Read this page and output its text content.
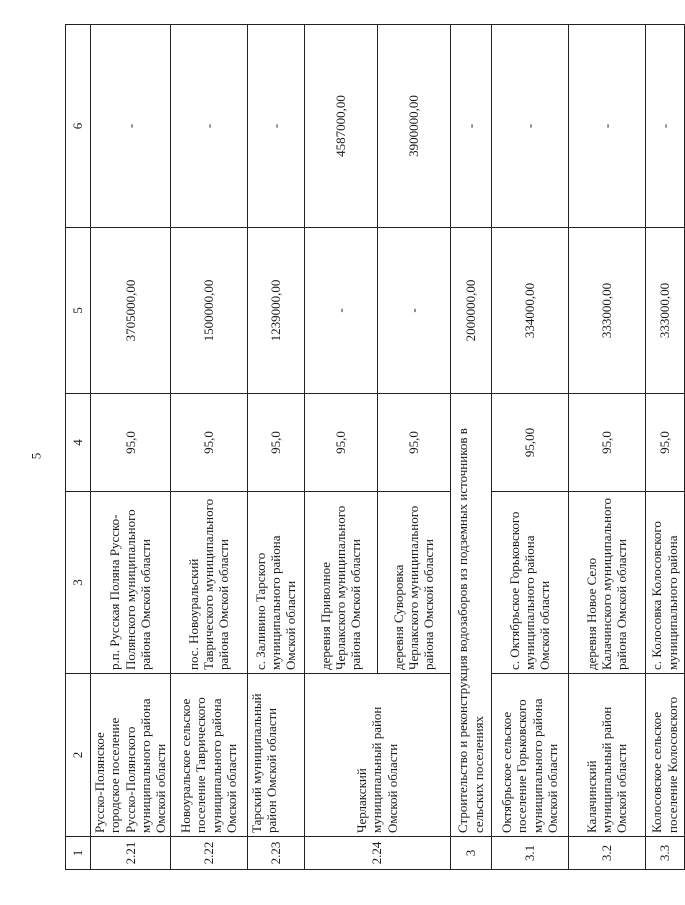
5
1	2	3	4	5	6
2.21	Русско-Полянское городское поселение Русско-Полянского муниципального района Омской области	р.п. Русская Поляна Русско-Полянского муниципального района Омской области	95,0	3705000,00	-
2.22	Новоуральское сельское поселение Таврического муниципального района Омской области	пос. Новоуральский Таврического муниципального района Омской области	95,0	1500000,00	-
2.23	Тарский муниципальный район Омской области	с. Заливино Тарского муниципального района Омской области	95,0	1239000,00	-
2.24	Черлакский муниципальный район Омской области	деревня Приволное Черлакского муниципального района Омской области	95,0	-	4587000,00
		деревня Суворовка Черлакского муниципального района Омской области	95,0	-	3900000,00
3	Строительство и реконструкция водозаборов из подземных источников в сельских поселениях			2000000,00	-
3.1	Октябрьское сельское поселение Горьковского муниципального района Омской области	с. Октябрьское Горьковского муниципального района Омской области	95,00	334000,00	-
3.2	Калачинский муниципальный район Омской области	деревня Новое Село Калачинского муниципального района Омской области	95,0	333000,00	-
3.3	Колосовское сельское поселение Колосовского	с. Колосовка Колосовского муниципального района	95,0	333000,00	-
